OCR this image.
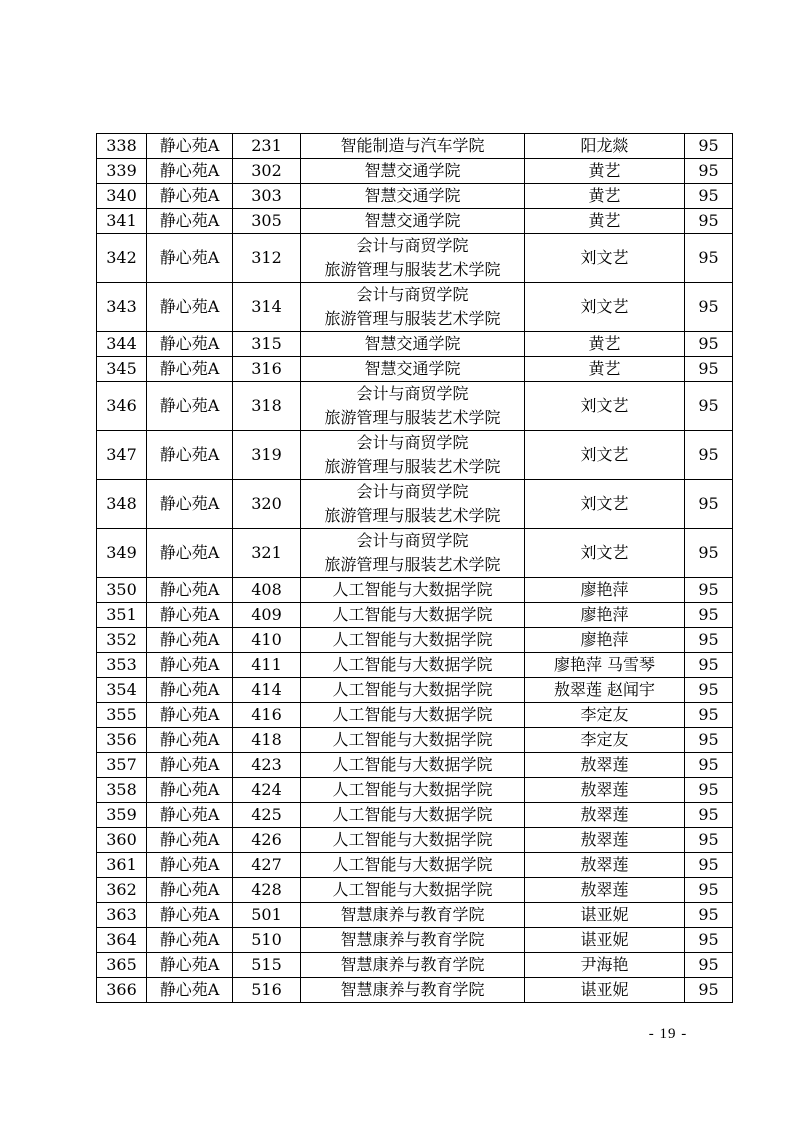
338	静心苑A	231	智能制造与汽车学院	阳龙燚	95
339	静心苑A	302	智慧交通学院	黄艺	95
340	静心苑A	303	智慧交通学院	黄艺	95
341	静心苑A	305	智慧交通学院	黄艺	95
342	静心苑A	312	会计与商贸学院
旅游管理与服装艺术学院	刘文艺	95
343	静心苑A	314	会计与商贸学院
旅游管理与服装艺术学院	刘文艺	95
344	静心苑A	315	智慧交通学院	黄艺	95
345	静心苑A	316	智慧交通学院	黄艺	95
346	静心苑A	318	会计与商贸学院
旅游管理与服装艺术学院	刘文艺	95
347	静心苑A	319	会计与商贸学院
旅游管理与服装艺术学院	刘文艺	95
348	静心苑A	320	会计与商贸学院
旅游管理与服装艺术学院	刘文艺	95
349	静心苑A	321	会计与商贸学院
旅游管理与服装艺术学院	刘文艺	95
350	静心苑A	408	人工智能与大数据学院	廖艳萍	95
351	静心苑A	409	人工智能与大数据学院	廖艳萍	95
352	静心苑A	410	人工智能与大数据学院	廖艳萍	95
353	静心苑A	411	人工智能与大数据学院	廖艳萍 马雪琴	95
354	静心苑A	414	人工智能与大数据学院	敖翠莲 赵闻宇	95
355	静心苑A	416	人工智能与大数据学院	李定友	95
356	静心苑A	418	人工智能与大数据学院	李定友	95
357	静心苑A	423	人工智能与大数据学院	敖翠莲	95
358	静心苑A	424	人工智能与大数据学院	敖翠莲	95
359	静心苑A	425	人工智能与大数据学院	敖翠莲	95
360	静心苑A	426	人工智能与大数据学院	敖翠莲	95
361	静心苑A	427	人工智能与大数据学院	敖翠莲	95
362	静心苑A	428	人工智能与大数据学院	敖翠莲	95
363	静心苑A	501	智慧康养与教育学院	谌亚妮	95
364	静心苑A	510	智慧康养与教育学院	谌亚妮	95
365	静心苑A	515	智慧康养与教育学院	尹海艳	95
366	静心苑A	516	智慧康养与教育学院	谌亚妮	95
- 19 -
